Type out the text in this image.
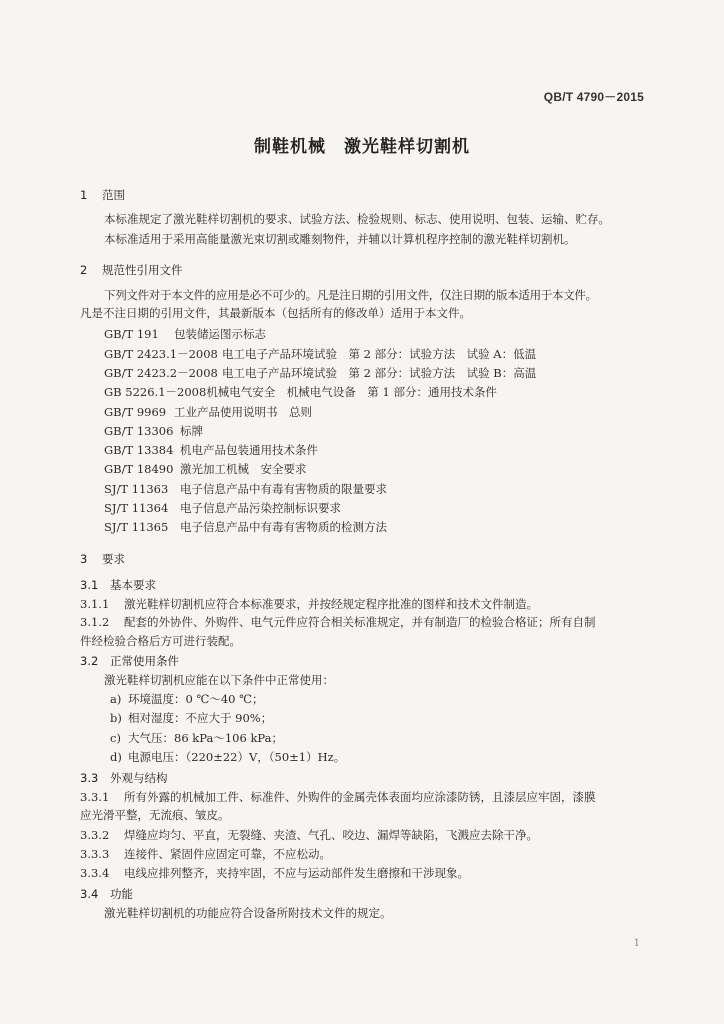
QB/T 4790－2015
制鞋机械　激光鞋样切割机
1 范围
本标准规定了激光鞋样切割机的要求、试验方法、检验规则、标志、使用说明、包装、运输、贮存。
本标准适用于采用高能量激光束切割或雕刻物件，并辅以计算机程序控制的激光鞋样切割机。
2 规范性引用文件
下列文件对于本文件的应用是必不可少的。凡是注日期的引用文件，仅注日期的版本适用于本文件。
凡是不注日期的引用文件，其最新版本（包括所有的修改单）适用于本文件。
GB/T 191 包装储运图示标志
GB/T 2423.1－2008 电工电子产品环境试验　第 2 部分：试验方法　试验 A：低温
GB/T 2423.2－2008 电工电子产品环境试验　第 2 部分：试验方法　试验 B：高温
GB 5226.1－2008机械电气安全　机械电气设备　第 1 部分：通用技术条件
GB/T 9969 工业产品使用说明书　总则
GB/T 13306 标牌
GB/T 13384 机电产品包装通用技术条件
GB/T 18490 激光加工机械　安全要求
SJ/T 11363 电子信息产品中有毒有害物质的限量要求
SJ/T 11364 电子信息产品污染控制标识要求
SJ/T 11365 电子信息产品中有毒有害物质的检测方法
3 要求
3.1 基本要求
3.1.1 激光鞋样切割机应符合本标准要求，并按经规定程序批准的图样和技术文件制造。
3.1.2 配套的外协件、外购件、电气元件应符合相关标准规定，并有制造厂的检验合格证；所有自制
件经检验合格后方可进行装配。
3.2 正常使用条件
激光鞋样切割机应能在以下条件中正常使用：
a) 环境温度：0 ℃～40 ℃；
b) 相对湿度：不应大于 90%；
c) 大气压：86 kPa～106 kPa；
d) 电源电压：（220±22）V，（50±1）Hz。
3.3 外观与结构
3.3.1 所有外露的机械加工件、标准件、外购件的金属壳体表面均应涂漆防锈，且漆层应牢固，漆膜
应光滑平整，无流痕、皱皮。
3.3.2 焊缝应均匀、平直，无裂缝、夹渣、气孔、咬边、漏焊等缺陷，飞溅应去除干净。
3.3.3 连接件、紧固件应固定可靠，不应松动。
3.3.4 电线应排列整齐，夹持牢固，不应与运动部件发生磨擦和干涉现象。
3.4 功能
激光鞋样切割机的功能应符合设备所附技术文件的规定。
1
